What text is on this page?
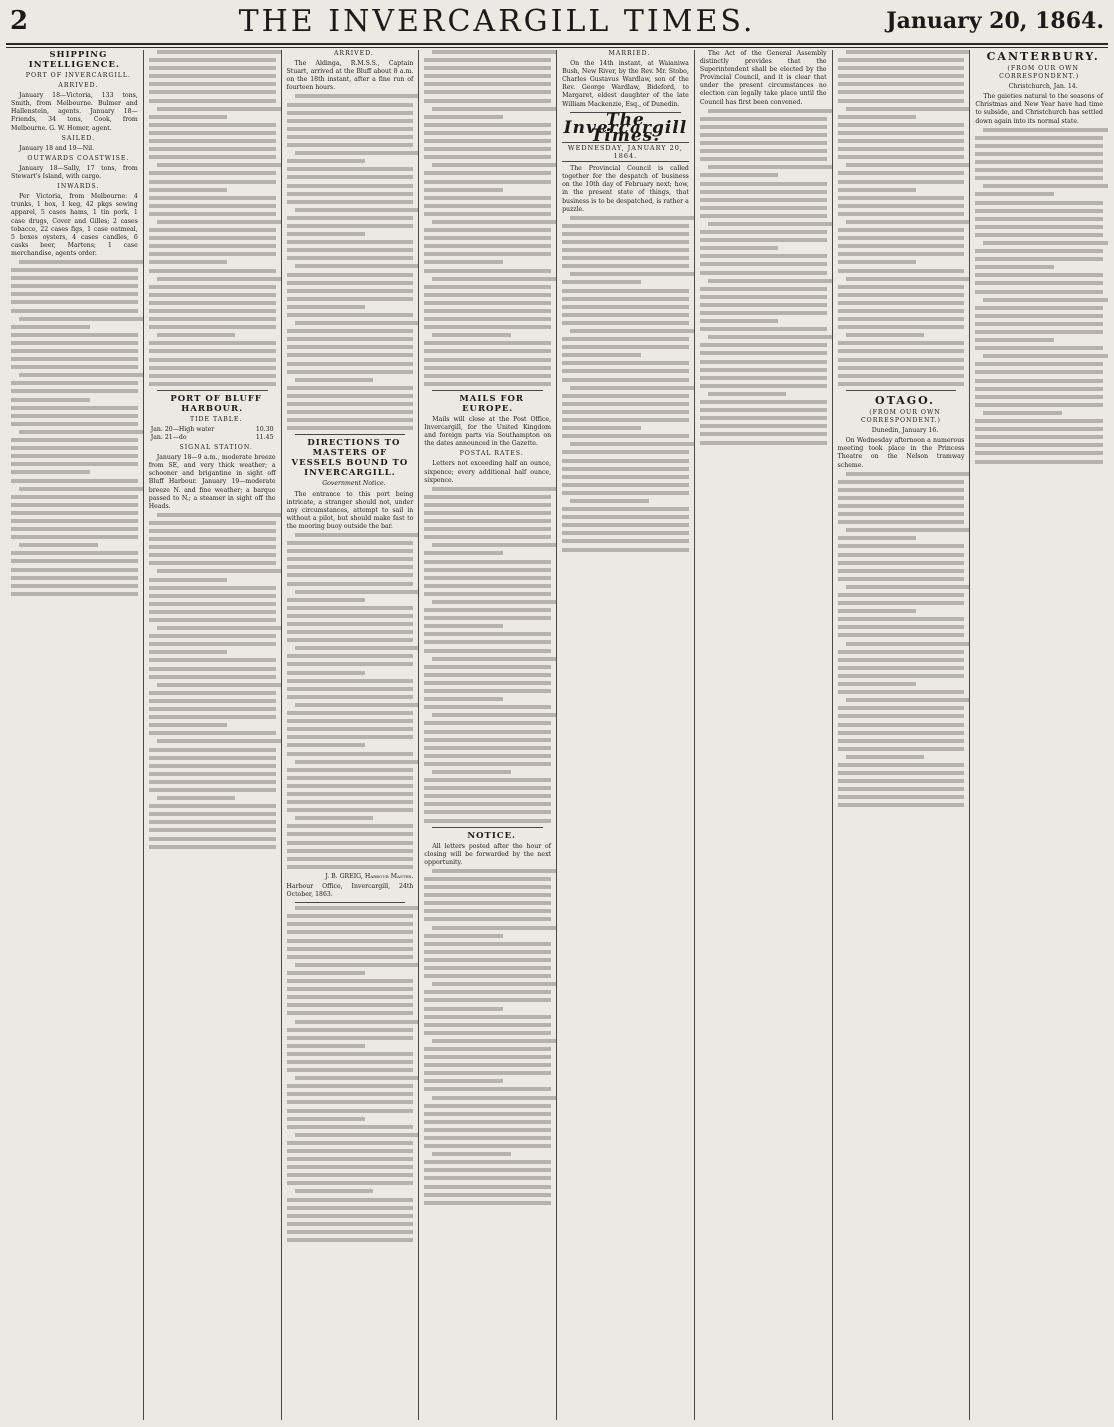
2	THE INVERCARGILL TIMES.	January 20, 1864.

SHIPPING INTELLIGENCE.

PORT OF INVERCARGILL.

ARRIVED.

January 18—Victoria, 133 tons, Smith, from Melbourne. Bulmer and Hallenstein, agents. January 18—Friends, 34 tons, Cook, from Melbourne. G. W. Homer, agent.

SAILED.

January 18 and 19—Nil.

OUTWARDS COASTWISE.

January 18—Sally, 17 tons, from Stewart's Island, with cargo.

INWARDS.

Per Victoria, from Melbourne: 4 trunks, 1 box, 1 keg, 42 pkgs sewing apparel, 5 cases hams, 1 tin pork, 1 case drugs, Cover and Gilles; 2 cases tobacco, 22 cases figs, 1 case oatmeal, 5 boxes oysters, 4 cases candles, 6 casks beer, Martens; 1 case merchandise, agents order.

PORT OF BLUFF HARBOUR.

TIDE TABLE.

Jan. 20—High water	10.30
Jan. 21—do	11.45

SIGNAL STATION.

January 18—9 a.m., moderate breeze from SE, and very thick weather; a schooner and brigantine in sight off Bluff Harbour. January 19—moderate breeze N. and fine weather; a barque passed to N.; a steamer in sight off the Heads.

ARRIVED.

The Aldinga, R.M.S.S., Captain Stuart, arrived at the Bluff about 8 a.m. on the 18th instant, after a fine run of fourteen hours.

DIRECTIONS TO MASTERS OF VESSELS BOUND TO INVERCARGILL.

Government Notice.

The entrance to this port being intricate, a stranger should not, under any circumstances, attempt to sail in without a pilot, but should make fast to the mooring buoy outside the bar.

J. B. GREIG, Harbour Master.

Harbour Office, Invercargill, 24th October, 1863.

MAILS FOR EUROPE.

Mails will close at the Post Office, Invercargill, for the United Kingdom and foreign parts via Southampton on the dates announced in the Gazette.

POSTAL RATES.

Letters not exceeding half an ounce, sixpence; every additional half ounce, sixpence.

NOTICE.

All letters posted after the hour of closing will be forwarded by the next opportunity.

MARRIED.

On the 14th instant, at Waianiwa Bush, New River, by the Rev. Mr. Stobo, Charles Gustavus Wardlaw, son of the Rev. George Wardlaw, Bideford, to Margaret, eldest daughter of the late William Mackenzie, Esq., of Dunedin.

The Invercargill Times.
WEDNESDAY, JANUARY 20, 1864.

The Provincial Council is called together for the despatch of business on the 10th day of February next; how, in the present state of things, that business is to be despatched, is rather a puzzle.

The Act of the General Assembly distinctly provides that the Superintendent shall be elected by the Provincial Council, and it is clear that under the present circumstances no election can legally take place until the Council has first been convened.

OTAGO.

(FROM OUR OWN CORRESPONDENT.)

Dunedin, January 16.

On Wednesday afternoon a numerous meeting took place in the Princess Theatre on the Nelson tramway scheme.

CANTERBURY.

(FROM OUR OWN CORRESPONDENT.)

Christchurch, Jan. 14.

The gaieties natural to the seasons of Christmas and New Year have had time to subside, and Christchurch has settled down again into its normal state.
